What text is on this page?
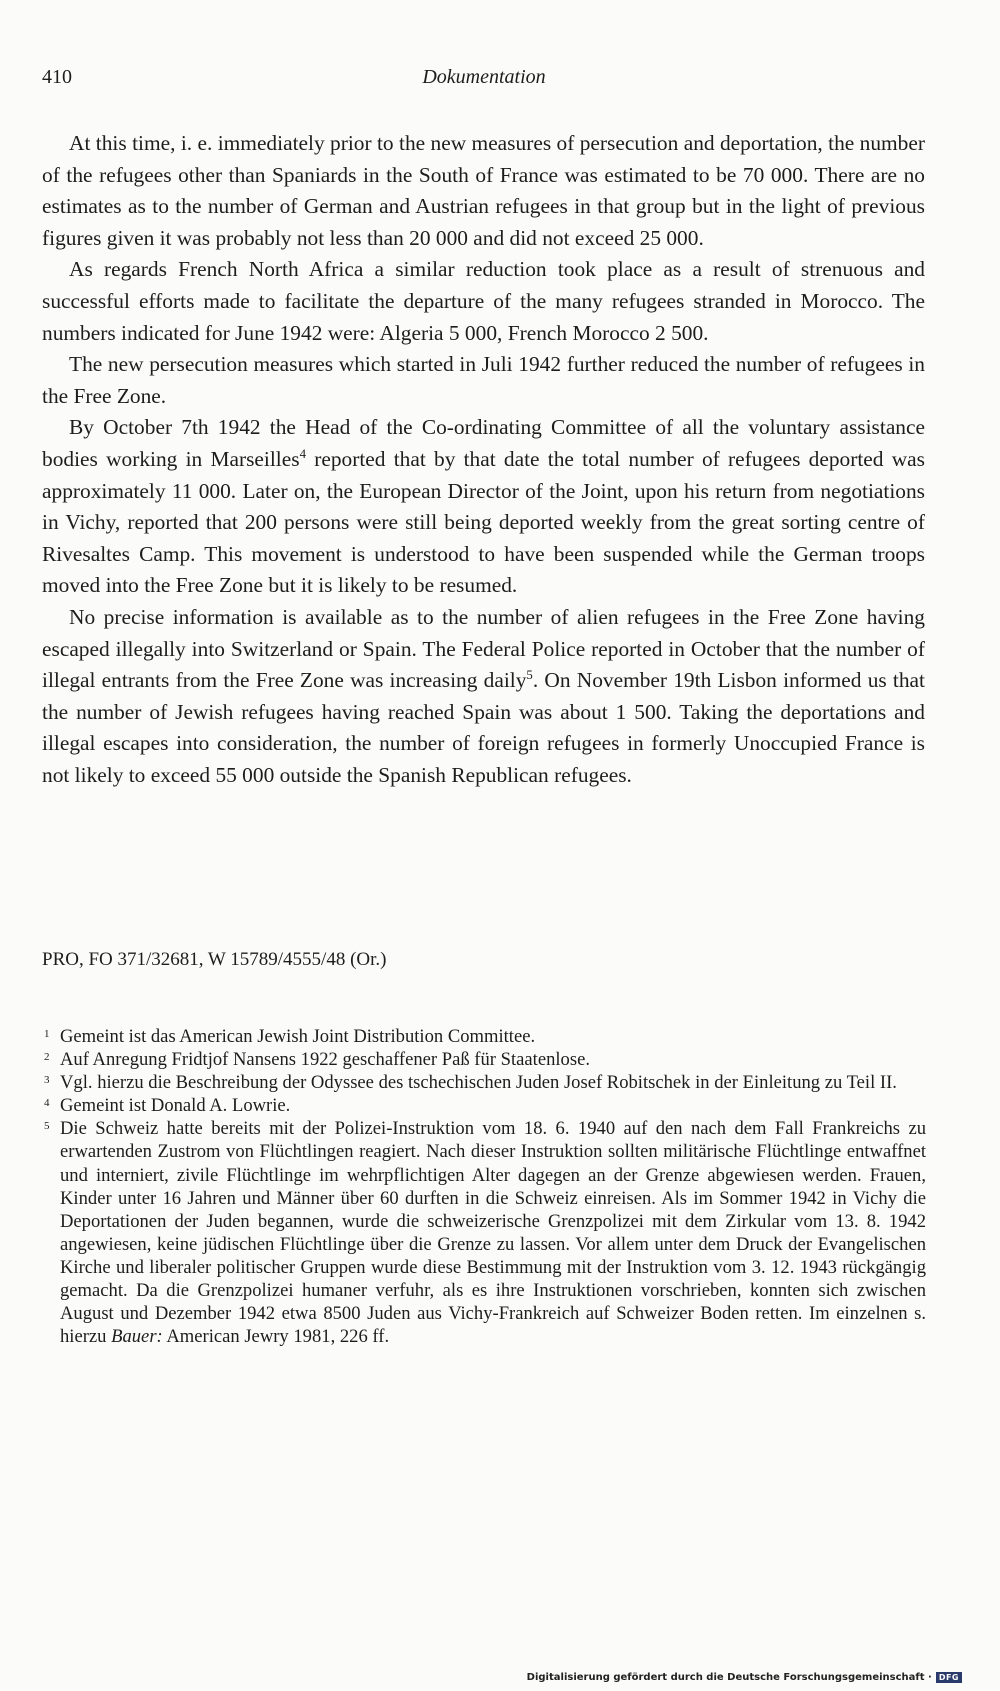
410	Dokumentation

At this time, i. e. immediately prior to the new measures of persecution and deportation, the number of the refugees other than Spaniards in the South of France was estimated to be 70 000. There are no estimates as to the number of German and Austrian refugees in that group but in the light of previous figures given it was probably not less than 20 000 and did not exceed 25 000.

As regards French North Africa a similar reduction took place as a result of strenuous and successful efforts made to facilitate the departure of the many refugees stranded in Morocco. The numbers indicated for June 1942 were: Algeria 5 000, French Morocco 2 500.

The new persecution measures which started in Juli 1942 further reduced the number of refugees in the Free Zone.

By October 7th 1942 the Head of the Co-ordinating Committee of all the voluntary assistance bodies working in Marseilles$^4$ reported that by that date the total number of refugees deported was approximately 11 000. Later on, the European Director of the Joint, upon his return from negotiations in Vichy, reported that 200 persons were still being deported weekly from the great sorting centre of Rivesaltes Camp. This movement is understood to have been suspended while the German troops moved into the Free Zone but it is likely to be resumed.

No precise information is available as to the number of alien refugees in the Free Zone having escaped illegally into Switzerland or Spain. The Federal Police reported in October that the number of illegal entrants from the Free Zone was increasing daily$^5$. On November 19th Lisbon informed us that the number of Jewish refugees having reached Spain was about 1 500. Taking the deportations and illegal escapes into consideration, the number of foreign refugees in formerly Unoccupied France is not likely to exceed 55 000 outside the Spanish Republican refugees.

PRO, FO 371/32681, W 15789/4555/48 (Or.)
1 Gemeint ist das American Jewish Joint Distribution Committee.
2 Auf Anregung Fridtjof Nansens 1922 geschaffener Paß für Staatenlose.
3 Vgl. hierzu die Beschreibung der Odyssee des tschechischen Juden Josef Robitschek in der Einleitung zu Teil II.
4 Gemeint ist Donald A. Lowrie.
5 Die Schweiz hatte bereits mit der Polizei-Instruktion vom 18. 6. 1940 auf den nach dem Fall Frankreichs zu erwartenden Zustrom von Flüchtlingen reagiert. Nach dieser Instruktion sollten militärische Flüchtlinge entwaffnet und interniert, zivile Flüchtlinge im wehrpflichtigen Alter dagegen an der Grenze abgewiesen werden. Frauen, Kinder unter 16 Jahren und Männer über 60 durften in die Schweiz einreisen. Als im Sommer 1942 in Vichy die Deportationen der Juden begannen, wurde die schweizerische Grenzpolizei mit dem Zirkular vom 13. 8. 1942 angewiesen, keine jüdischen Flüchtlinge über die Grenze zu lassen. Vor allem unter dem Druck der Evangelischen Kirche und liberaler politischer Gruppen wurde diese Bestimmung mit der Instruktion vom 3. 12. 1943 rückgängig gemacht. Da die Grenzpolizei humaner verfuhr, als es ihre Instruktionen vorschrieben, konnten sich zwischen August und Dezember 1942 etwa 8500 Juden aus Vichy-Frankreich auf Schweizer Boden retten. Im einzelnen s. hierzu Bauer: American Jewry 1981, 226 ff.
Digitalisierung gefördert durch die Deutsche Forschungsgemeinschaft · DFG
